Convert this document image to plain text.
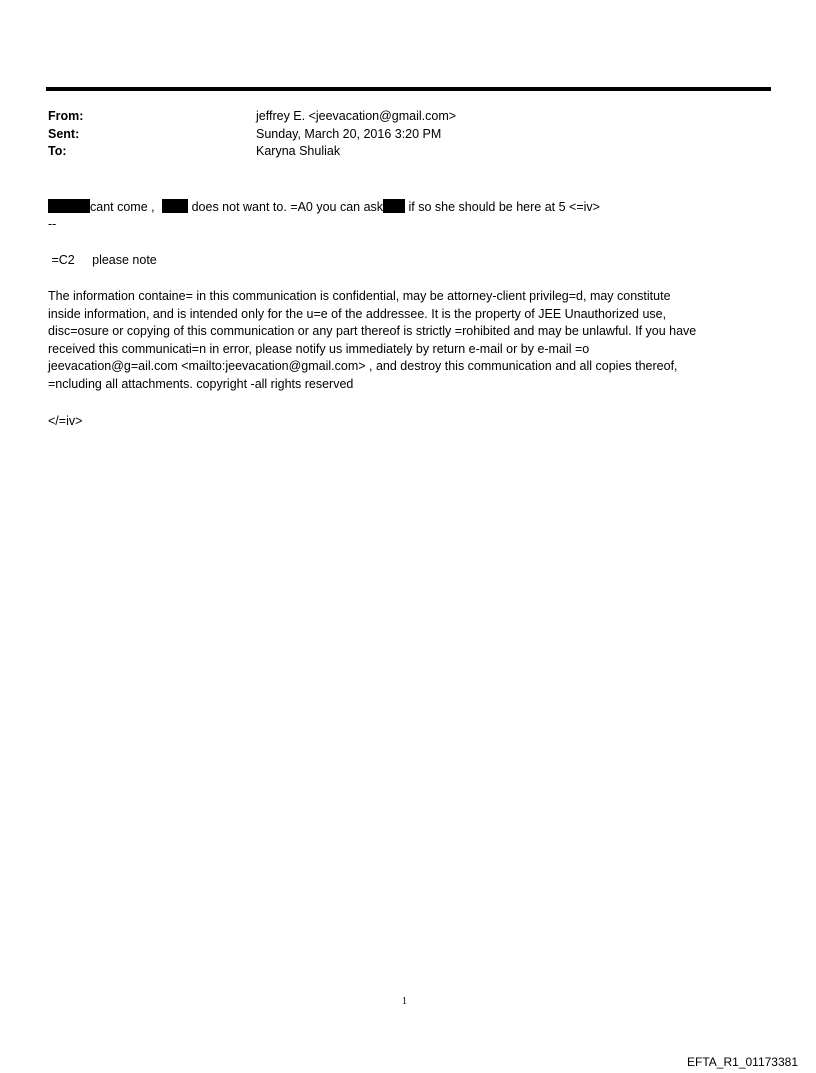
From:	jeffrey E. <jeevacation@gmail.com>
Sent:	Sunday, March 20, 2016 3:20 PM
To:	Karyna Shuliak
cant come ,	does not want to. =A0 you can ask if so she should be here at 5 <=iv>
--
=C2     please note

The information containe= in this communication is confidential, may be attorney-client privileg=d, may constitute

inside information, and is intended only for the u=e of the addressee. It is the property of JEE Unauthorized use,

disc=osure or copying of this communication or any part thereof is strictly =rohibited and may be unlawful. If you have

received this communicati=n in error, please notify us immediately by return e-mail or by e-mail =o

jeevacation@g=ail.com <mailto:jeevacation@gmail.com> , and destroy this communication and all copies thereof,

=ncluding all attachments. copyright -all rights reserved

</=iv>
1
EFTA_R1_01173381
